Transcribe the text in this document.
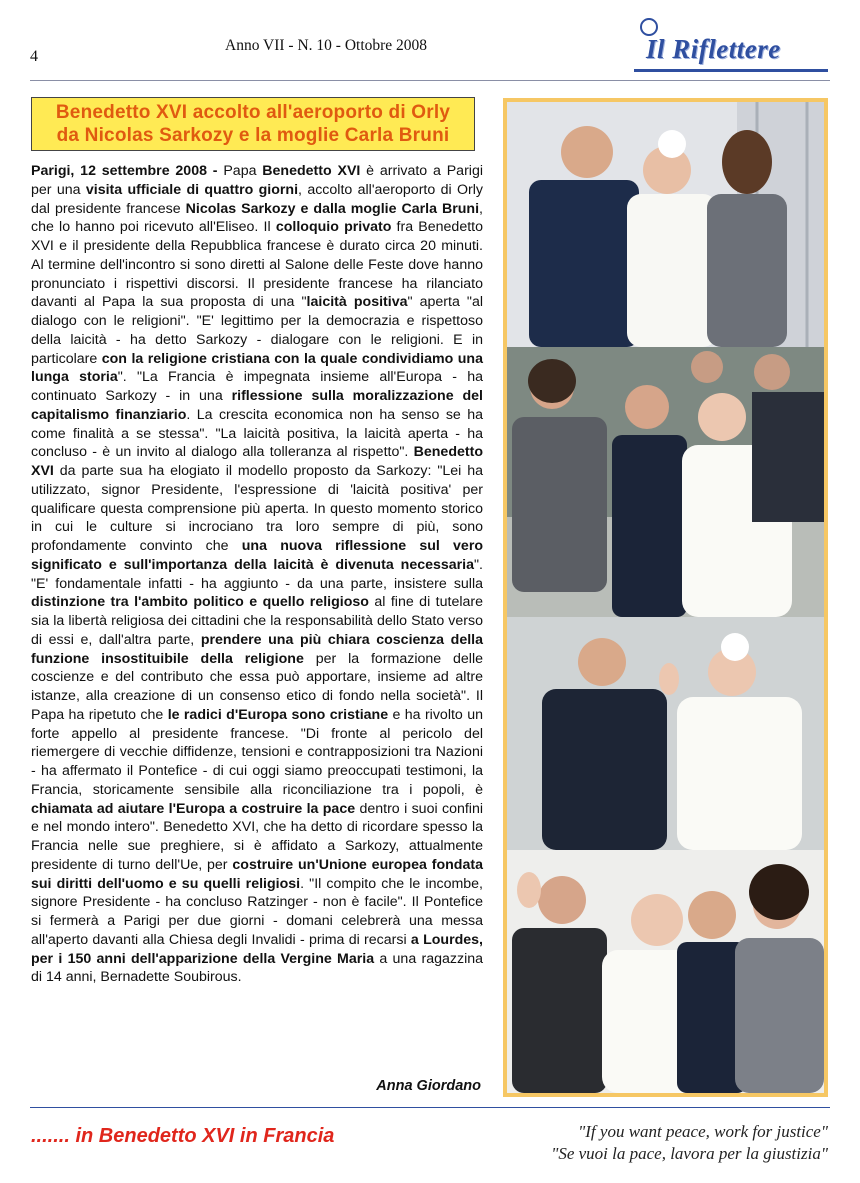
4
Anno VII - N. 10 - Ottobre 2008	Il Riflettere
Benedetto XVI accolto all'aeroporto di Orly
da Nicolas Sarkozy e la moglie Carla Bruni

Parigi, 12 settembre 2008 - Papa Benedetto XVI è arrivato a Parigi per una visita ufficiale di quattro giorni, accolto all'aeroporto di Orly dal presidente francese Nicolas Sarkozy e dalla moglie Carla Bruni, che lo hanno poi ricevuto all'Eliseo. Il colloquio privato fra Benedetto XVI e il presidente della Repubblica francese è durato circa 20 minuti. Al termine dell'incontro si sono diretti al Salone delle Feste dove hanno pronunciato i rispettivi discorsi. Il presidente francese ha rilanciato davanti al Papa la sua proposta di una "laicità positiva" aperta "al dialogo con le religioni". "E' legittimo per la democrazia e rispettoso della laicità - ha detto Sarkozy - dialogare con le religioni. E in particolare con la religione cristiana con la quale condividiamo una lunga storia". "La Francia è impegnata insieme all'Europa - ha continuato Sarkozy - in una riflessione sulla moralizzazione del capitalismo finanziario. La crescita economica non ha senso se ha come finalità a se stessa". "La laicità positiva, la laicità aperta - ha concluso - è un invito al dialogo alla tolleranza al rispetto". Benedetto XVI da parte sua ha elogiato il modello proposto da Sarkozy: "Lei ha utilizzato, signor Presidente, l'espressione di 'laicità positiva' per qualificare questa comprensione più aperta. In questo momento storico in cui le culture si incrociano tra loro sempre di più, sono profondamente convinto che una nuova riflessione sul vero significato e sull'importanza della laicità è divenuta necessaria". "E' fondamentale infatti - ha aggiunto - da una parte, insistere sulla distinzione tra l'ambito politico e quello religioso al fine di tutelare sia la libertà religiosa dei cittadini che la responsabilità dello Stato verso di essi e, dall'altra parte, prendere una più chiara coscienza della funzione insostituibile della religione per la formazione delle coscienze e del contributo che essa può apportare, insieme ad altre istanze, alla creazione di un consenso etico di fondo nella società". Il Papa ha ripetuto che le radici d'Europa sono cristiane e ha rivolto un forte appello al presidente francese. "Di fronte al pericolo del riemergere di vecchie diffidenze, tensioni e contrapposizioni tra Nazioni - ha affermato il Pontefice - di cui oggi siamo preoccupati testimoni, la Francia, storicamente sensibile alla riconciliazione tra i popoli, è chiamata ad aiutare l'Europa a costruire la pace dentro i suoi confini e nel mondo intero". Benedetto XVI, che ha detto di ricordare spesso la Francia nelle sue preghiere, si è affidato a Sarkozy, attualmente presidente di turno dell'Ue, per costruire un'Unione europea fondata sui diritti dell'uomo e su quelli religiosi. "Il compito che le incombe, signore Presidente - ha concluso Ratzinger - non è facile". Il Pontefice si fermerà a Parigi per due giorni - domani celebrerà una messa all'aperto davanti alla Chiesa degli Invalidi - prima di recarsi a Lourdes, per i 150 anni dell'apparizione della Vergine Maria a una ragazzina di 14 anni, Bernadette Soubirous.

Anna Giordano
....... in Benedetto XVI in Francia	"If you want peace, work for justice"
"Se vuoi la pace, lavora per la giustizia"
